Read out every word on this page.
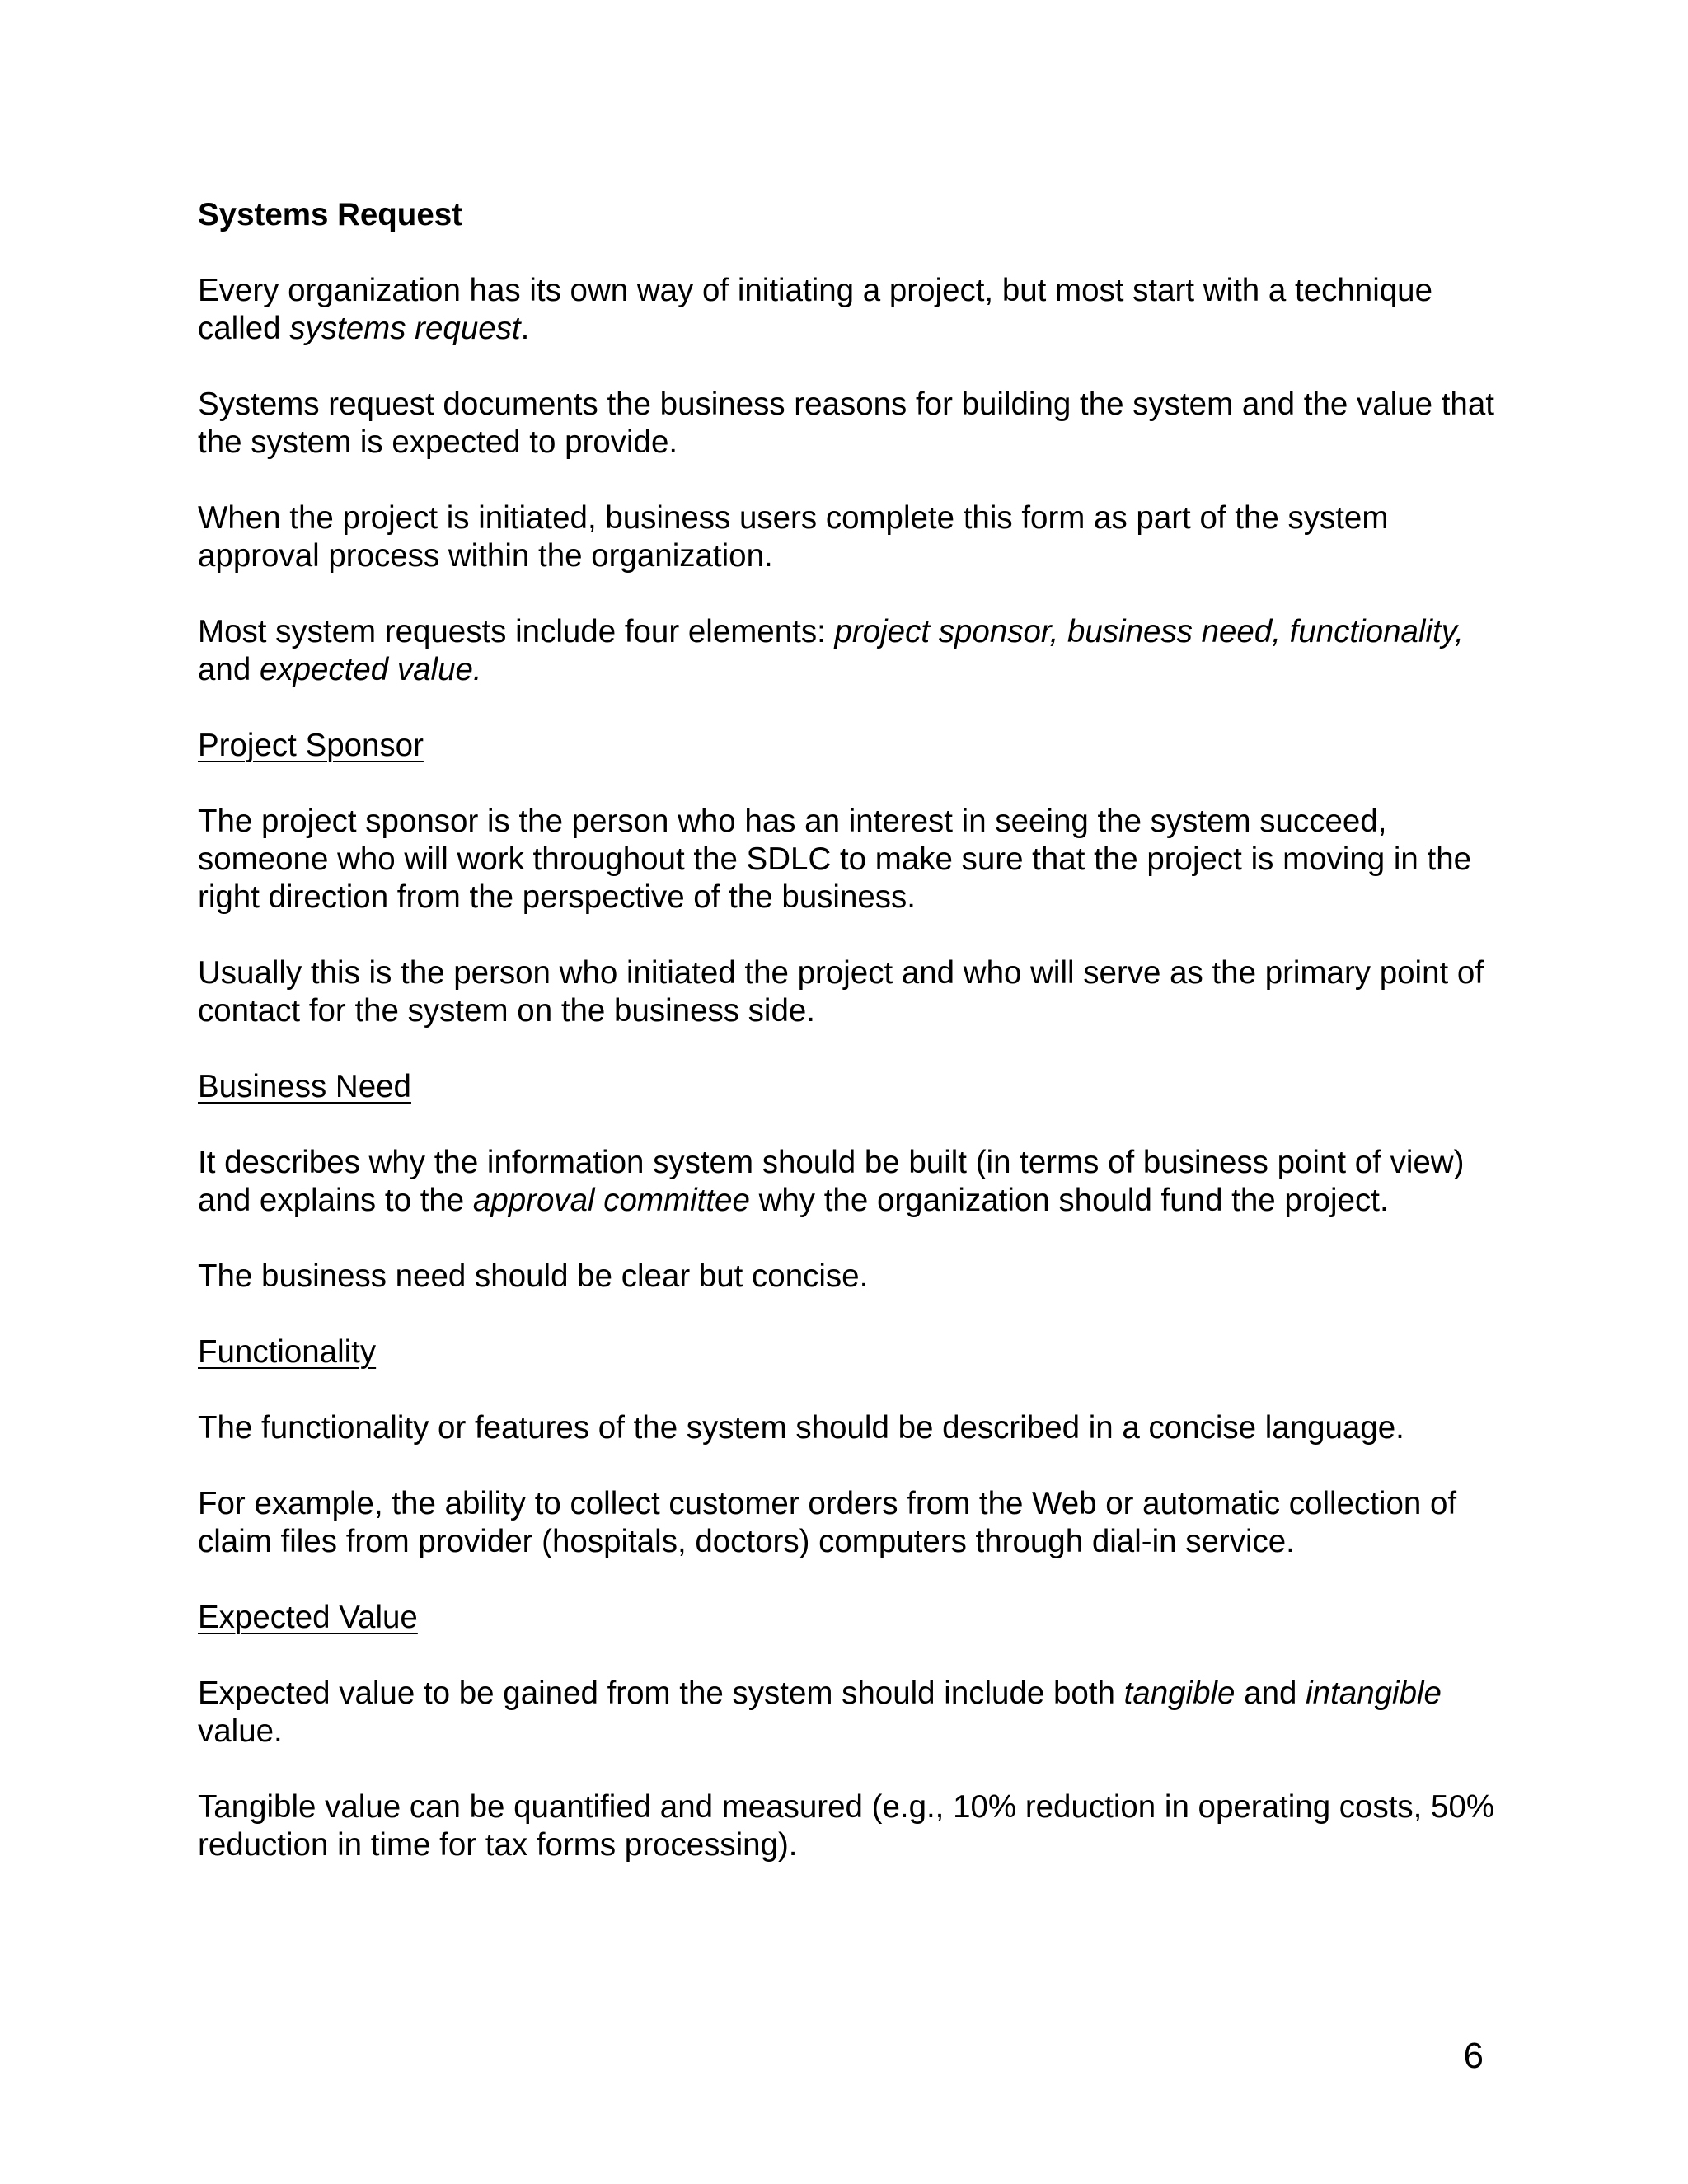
Systems Request
Every organization has its own way of initiating a project, but most start with a technique called systems request.
Systems request documents the business reasons for building the system and the value that the system is expected to provide.
When the project is initiated, business users complete this form as part of the system approval process within the organization.
Most system requests include four elements: project sponsor, business need, functionality, and expected value.
Project Sponsor
The project sponsor is the person who has an interest in seeing the system succeed, someone who will work throughout the SDLC to make sure that the project is moving in the right direction from the perspective of the business.
Usually this is the person who initiated the project and who will serve as the primary point of contact for the system on the business side.
Business Need
It describes why the information system should be built (in terms of business point of view) and explains to the approval committee why the organization should fund the project.
The business need should be clear but concise.
Functionality
The functionality or features of the system should be described in a concise language.
For example, the ability to collect customer orders from the Web or automatic collection of claim files from provider (hospitals, doctors) computers through dial-in service.
Expected Value
Expected value to be gained from the system should include both tangible and intangible value.
Tangible value can be quantified and measured (e.g., 10% reduction in operating costs, 50% reduction in time for tax forms processing).
6
